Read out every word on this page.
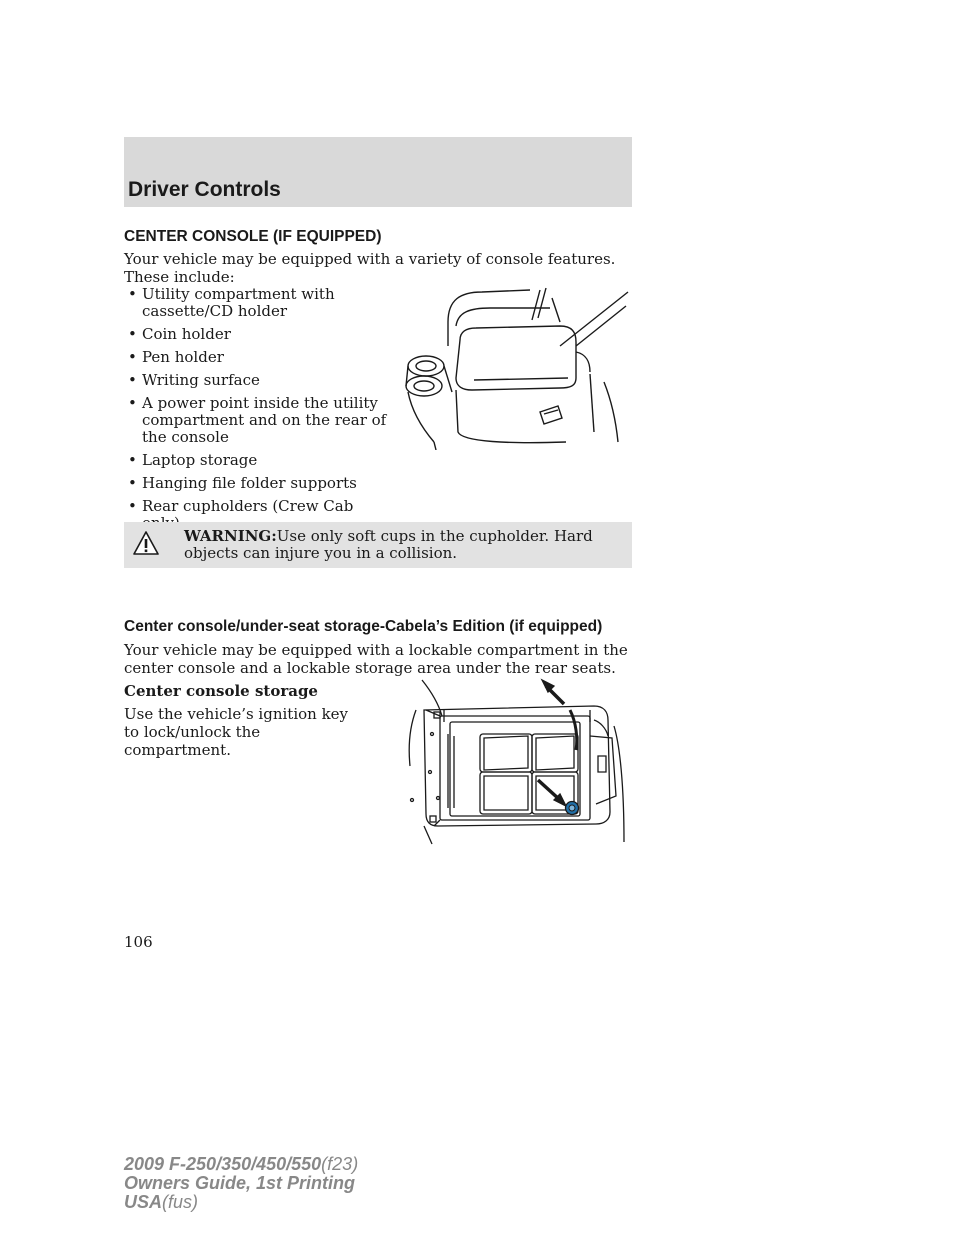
Driver Controls
CENTER CONSOLE (IF EQUIPPED)

Your vehicle may be equipped with a variety of console features. These include:

• Utility compartment with cassette/CD holder
• Coin holder
• Pen holder
• Writing surface
• A power point inside the utility compartment and on the rear of the console
• Laptop storage
• Hanging file folder supports
• Rear cupholders (Crew Cab
WARNING:Use only soft cups in the cupholder. Hard objects can injure you in a collision.
Center console/under-seat storage-Cabela’s Edition (if equipped)

Your vehicle may be equipped with a lockable compartment in the center console and a lockable storage area under the rear seats.

Center console storage

Use the vehicle’s ignition key to lock/unlock the compartment.

106
2009 F-250/350/450/550(f23)
Owners Guide, 1st Printing
USA(fus)
